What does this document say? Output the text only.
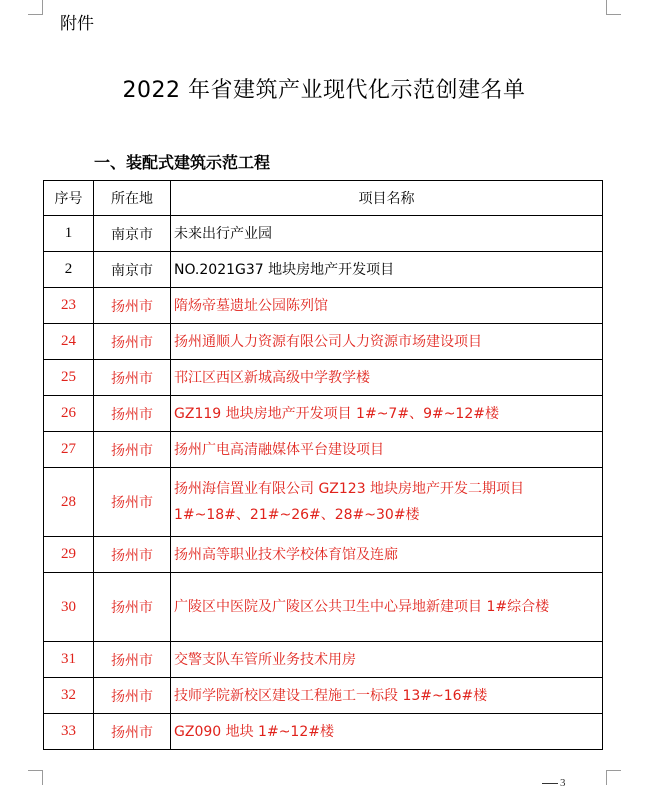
附件
2022 年省建筑产业现代化示范创建名单
一、装配式建筑示范工程
序号	所在地	项目名称
1	南京市	未来出行产业园
2	南京市	NO.2021G37 地块房地产开发项目
23	扬州市	隋炀帝墓遗址公园陈列馆
24	扬州市	扬州通顺人力资源有限公司人力资源市场建设项目
25	扬州市	邗江区西区新城高级中学教学楼
26	扬州市	GZ119 地块房地产开发项目 1#~7#、9#~12#楼
27	扬州市	扬州广电高清融媒体平台建设项目
28	扬州市	扬州海信置业有限公司 GZ123 地块房地产开发二期项目 1#~18#、21#~26#、28#~30#楼
29	扬州市	扬州高等职业技术学校体育馆及连廊
30	扬州市	广陵区中医院及广陵区公共卫生中心异地新建项目 1#综合楼
31	扬州市	交警支队车管所业务技术用房
32	扬州市	技师学院新校区建设工程施工一标段 13#~16#楼
33	扬州市	GZ090 地块 1#~12#楼
3
